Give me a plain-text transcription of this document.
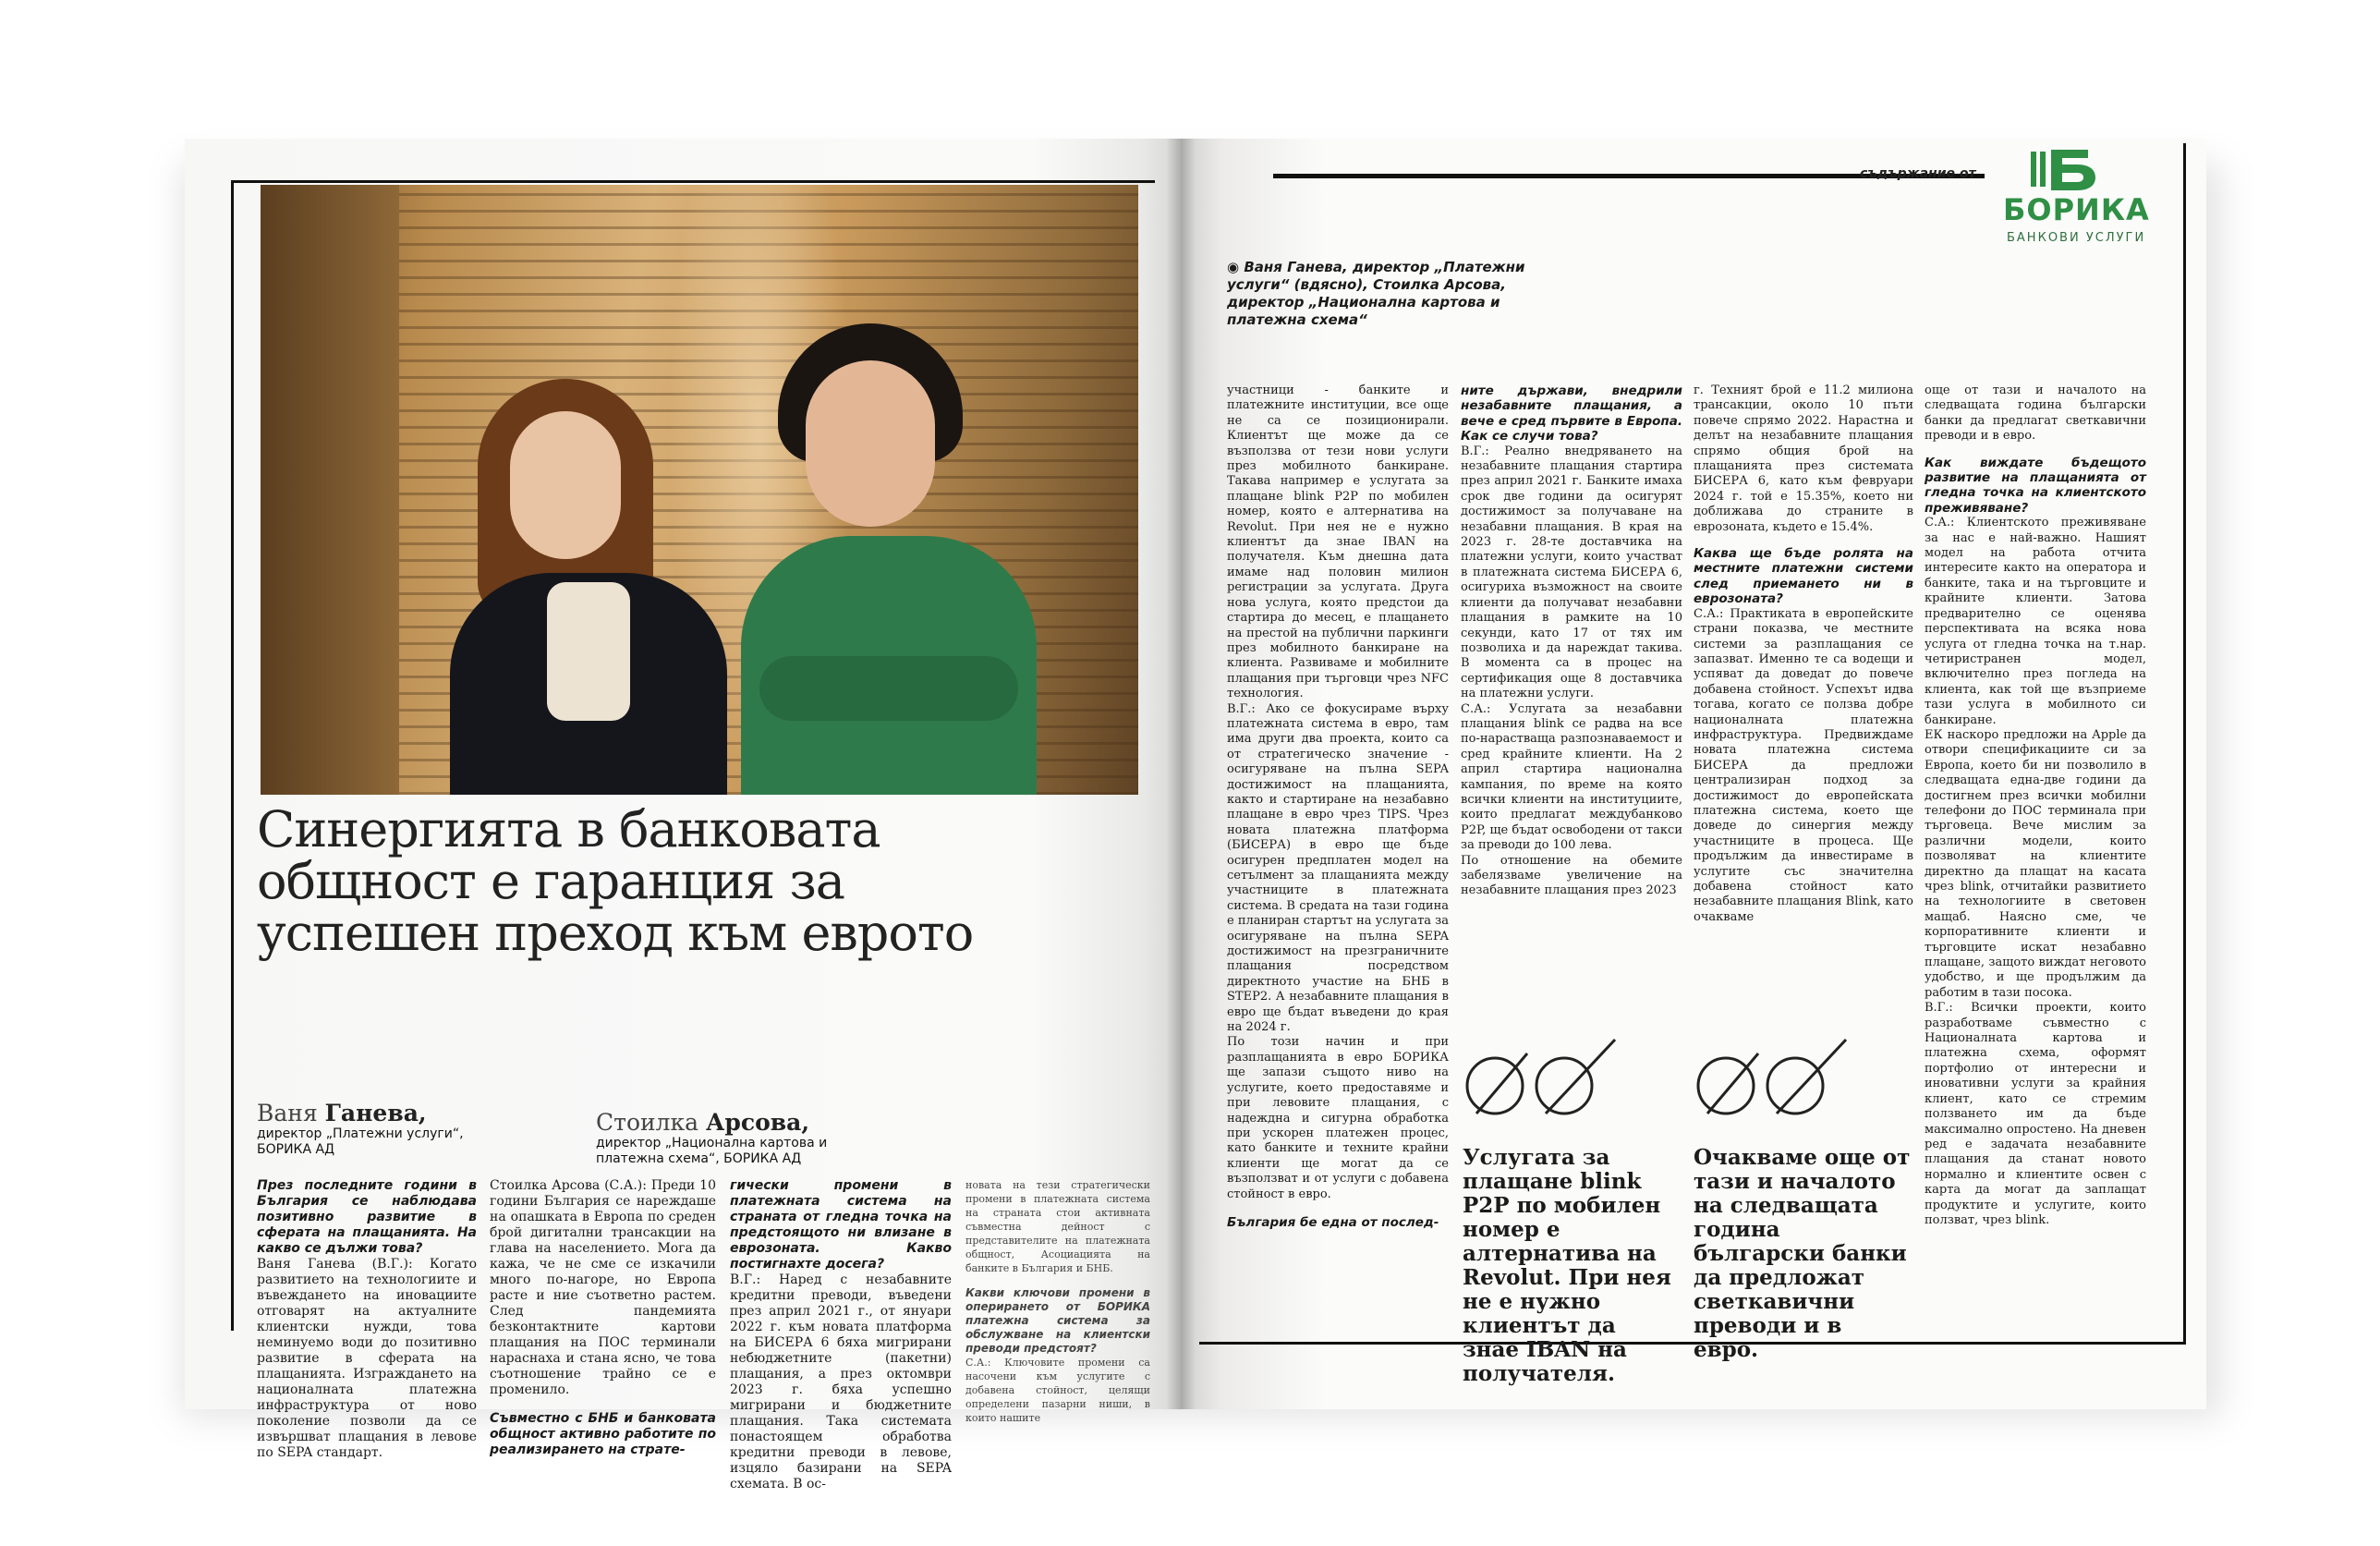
Синергията в банковата
общност е гаранция за
успешен преход към еврото
Ваня Ганева,
директор „Платежни услуги“,
БОРИКА АД
Стоилка Арсова,
директор „Национална картова и
платежна схема“, БОРИКА АД

През последните години в България се наблюдава позитивно развитие в сферата на плащанията. На какво се дължи това?

Ваня Ганева (В.Г.): Когато развитието на технологиите и въвеждането на иновациите отговарят на актуалните клиентски нужди, това неминуемо води до позитивно развитие в сферата на плащанията. Изграждането на националната платежна инфраструктура от ново поколение позволи да се извършват плащания в левове по SEPA стандарт.

Стоилка Арсова (С.А.): Преди 10 години България се нареждаше на опашката в Европа по среден брой дигитални трансакции на глава на населението. Мога да кажа, че не сме се изкачили много по-нагоре, но Европа расте и ние съответно растем. След пандемията безконтактните картови плащания на ПОС терминали нараснаха и стана ясно, че това съотношение трайно се е променило.

Съвместно с БНБ и банковата общност активно работите по реализирането на страте-

гически промени в платежната система на страната от гледна точка на предстоящото ни влизане в еврозоната. Какво постигнахте досега?

В.Г.: Наред с незабавните кредитни преводи, въведени през април 2021 г., от януари 2022 г. към новата платформа на БИСЕРА 6 бяха мигрирани небюджетните (пакетни) плащания, а през октомври 2023 г. бяха успешно мигрирани и бюджетните плащания. Така системата понастоящем обработва кредитни преводи в левове, изцяло базирани на SEPA схемата. В ос-

новата на тези стратегически промени в платежната система на страната стои активната съвместна дейност с представителите на платежната общност, Асоциацията на банките в България и БНБ.

Какви ключови промени в оперирането от БОРИКА платежна система за обслужване на клиентски преводи предстоят?

С.А.: Ключовите промени са насочени към услугите с добавена стойност, целящи определени пазарни ниши, в които нашите

съдържание от
БОРИКА
БАНКОВИ УСЛУГИ
◉ Ваня Ганева, директор „Платежни услуги“ (вдясно), Стоилка Арсова, директор „Национална картова и платежна схема“

участници - банките и платежните институции, все още не са се позиционирали. Клиентът ще може да се възползва от тези нови услуги през мобилното банкиране. Такава например е услугата за плащане blink P2P по мобилен номер, която е алтернатива на Revolut. При нея не е нужно клиентът да знае IBAN на получателя. Към днешна дата имаме над половин милион регистрации за услугата. Друга нова услуга, която предстои да стартира до месец, е плащането на престой на публични паркинги през мобилното банкиране на клиента. Развиваме и мобилните плащания при търговци чрез NFC технология.

В.Г.: Ако се фокусираме върху платежната система в евро, там има други два проекта, които са от стратегическо значение - осигуряване на пълна SEPA достижимост на плащанията, както и стартиране на незабавно плащане в евро чрез TIPS. Чрез новата платежна платформа (БИСЕРА) в евро ще бъде осигурен предплатен модел на сетълмент за плащанията между участниците в платежната система. В средата на тази година е планиран стартът на услугата за осигуряване на пълна SEPA достижимост на презграничните плащания посредством директното участие на БНБ в STEP2. А незабавните плащания в евро ще бъдат въведени до края на 2024 г.

По този начин и при разплащанията в евро БОРИКА ще запази същото ниво на услугите, което предоставяме и при левовите плащания, с надеждна и сигурна обработка при ускорен платежен процес, като банките и техните крайни клиенти ще могат да се възползват и от услуги с добавена стойност в евро.

България бе една от послед-

ните държави, внедрили незабавните плащания, а вече е сред първите в Европа. Как се случи това?

В.Г.: Реално внедряването на незабавните плащания стартира през април 2021 г. Банките имаха срок две години да осигурят достижимост за получаване на незабавни плащания. В края на 2023 г. 28-те доставчика на платежни услуги, които участват в платежната система БИСЕРА 6, осигуриха възможност на своите клиенти да получават незабавни плащания в рамките на 10 секунди, като 17 от тях им позволиха и да нареждат такива. В момента са в процес на сертификация още 8 доставчика на платежни услуги.

С.А.: Услугата за незабавни плащания blink се радва на все по-нарастваща разпознаваемост и сред крайните клиенти. На 2 април стартира национална кампания, по време на която всички клиенти на институциите, които предлагат междубанково P2P, ще бъдат освободени от такси за преводи до 100 лева.

По отношение на обемите забелязваме увеличение на незабавните плащания през 2023

г. Техният брой е 11.2 милиона трансакции, около 10 пъти повече спрямо 2022. Нарастна и делът на незабавните плащания спрямо общия брой на плащанията през системата БИСЕРА 6, като към февруари 2024 г. той е 15.35%, което ни доближава до страните в еврозоната, където е 15.4%.

Каква ще бъде ролята на местните платежни системи след приемането ни в еврозоната?

С.А.: Практиката в европейските страни показва, че местните системи за разплащания се запазват. Именно те са водещи и успяват да доведат до повече добавена стойност. Успехът идва тогава, когато се ползва добре националната платежна инфраструктура. Предвиждаме новата платежна система БИСЕРА да предложи централизиран подход за достижимост до европейската платежна система, което ще доведе до синергия между участниците в процеса. Ще продължим да инвестираме в услугите със значителна добавена стойност като незабавните плащания Blink, като очакваме

още от тази и началото на следващата година български банки да предлагат светкавични преводи и в евро.

Как виждате бъдещото развитие на плащанията от гледна точка на клиентското преживяване?

С.А.: Клиентското преживяване за нас е най-важно. Нашият модел на работа отчита интересите както на оператора и банките, така и на търговците и крайните клиенти. Затова предварително се оценява перспективата на всяка нова услуга от гледна точка на т.нар. четиристранен модел, включително през погледа на клиента, как той ще възприеме тази услуга в мобилното си банкиране.

ЕК наскоро предложи на Apple да отвори спецификациите си за Европа, което би ни позволило в следващата една-две години да достигнем през всички мобилни телефони до ПОС терминала при търговеца. Вече мислим за различни модели, които позволяват на клиентите директно да плащат на касата чрез blink, отчитайки развитието на технологиите в световен мащаб. Наясно сме, че корпоративните клиенти и търговците искат незабавно плащане, защото виждат неговото удобство, и ще продължим да работим в тази посока.

В.Г.: Всички проекти, които разработваме съвместно с Националната картова и платежна схема, оформят портфолио от интересни и иновативни услуги за крайния клиент, като се стремим ползването им да бъде максимално опростено. На дневен ред е задачата незабавните плащания да станат новото нормално и клиентите освен с карта да могат да заплащат продуктите и услугите, които ползват, чрез blink.

Услугата за плащане blink P2P по мобилен номер е алтернатива на Revolut. При нея не е нужно клиентът да знае IBAN на получателя.
Очакваме още от тази и началото на следващата година български банки да предложат светкавични преводи и в евро.
